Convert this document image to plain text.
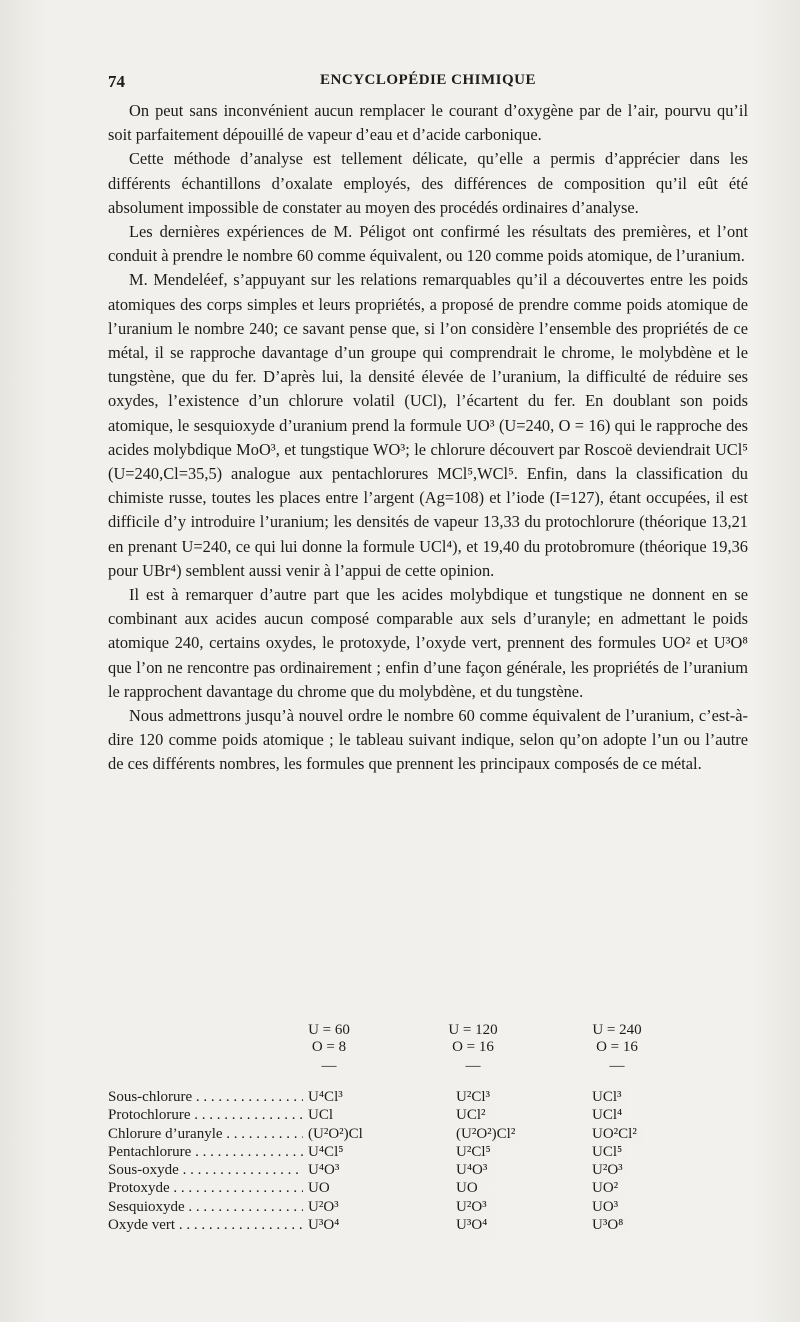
74	ENCYCLOPÉDIE CHIMIQUE

On peut sans inconvénient aucun remplacer le courant d’oxygène par de l’air, pourvu qu’il soit parfaitement dépouillé de vapeur d’eau et d’acide carbonique.

Cette méthode d’analyse est tellement délicate, qu’elle a permis d’apprécier dans les différents échantillons d’oxalate employés, des différences de composition qu’il eût été absolument impossible de constater au moyen des procédés ordinaires d’analyse.

Les dernières expériences de M. Péligot ont confirmé les résultats des premières, et l’ont conduit à prendre le nombre 60 comme équivalent, ou 120 comme poids atomique, de l’uranium.

M. Mendeléef, s’appuyant sur les relations remarquables qu’il a découvertes entre les poids atomiques des corps simples et leurs propriétés, a proposé de prendre comme poids atomique de l’uranium le nombre 240; ce savant pense que, si l’on considère l’ensemble des propriétés de ce métal, il se rapproche davantage d’un groupe qui comprendrait le chrome, le molybdène et le tungstène, que du fer. D’après lui, la densité élevée de l’uranium, la difficulté de réduire ses oxydes, l’existence d’un chlorure volatil (UCl), l’écartent du fer. En doublant son poids atomique, le sesquioxyde d’uranium prend la formule UO³ (U=240, O = 16) qui le rapproche des acides molybdique MoO³, et tungstique WO³; le chlorure découvert par Roscoë deviendrait UCl⁵ (U=240,Cl=35,5) analogue aux pentachlorures MCl⁵,WCl⁵. Enfin, dans la classification du chimiste russe, toutes les places entre l’argent (Ag=108) et l’iode (I=127), étant occupées, il est difficile d’y introduire l’uranium; les densités de vapeur 13,33 du protochlorure (théorique 13,21 en prenant U=240, ce qui lui donne la formule UCl⁴), et 19,40 du protobromure (théorique 19,36 pour UBr⁴) semblent aussi venir à l’appui de cette opinion.

Il est à remarquer d’autre part que les acides molybdique et tungstique ne donnent en se combinant aux acides aucun composé comparable aux sels d’uranyle; en admettant le poids atomique 240, certains oxydes, le protoxyde, l’oxyde vert, prennent des formules UO² et U³O⁸ que l’on ne rencontre pas ordinairement ; enfin d’une façon générale, les propriétés de l’uranium le rapprochent davantage du chrome que du molybdène, et du tungstène.

Nous admettrons jusqu’à nouvel ordre le nombre 60 comme équivalent de l’uranium, c’est-à-dire 120 comme poids atomique ; le tableau suivant indique, selon qu’on adopte l’un ou l’autre de ces différents nombres, les formules que prennent les principaux composés de ce métal.

U = 60
O = 8
—
U = 120
O = 16
—
U = 240
O = 16
—
Sous-chlorure . . .	U⁴Cl³	U²Cl³	UCl³
Protochlorure . . .	UCl	UCl²	UCl⁴
Chlorure d’uranyle . . .	(U²O²)Cl	(U²O²)Cl²	UO²Cl²
Pentachlorure . . .	U⁴Cl⁵	U²Cl⁵	UCl⁵
Sous-oxyde . . .	U⁴O³	U⁴O³	U²O³
Protoxyde . . .	UO	UO	UO²
Sesquioxyde . . .	U²O³	U²O³	UO³
Oxyde vert . . .	U³O⁴	U³O⁴	U³O⁸
